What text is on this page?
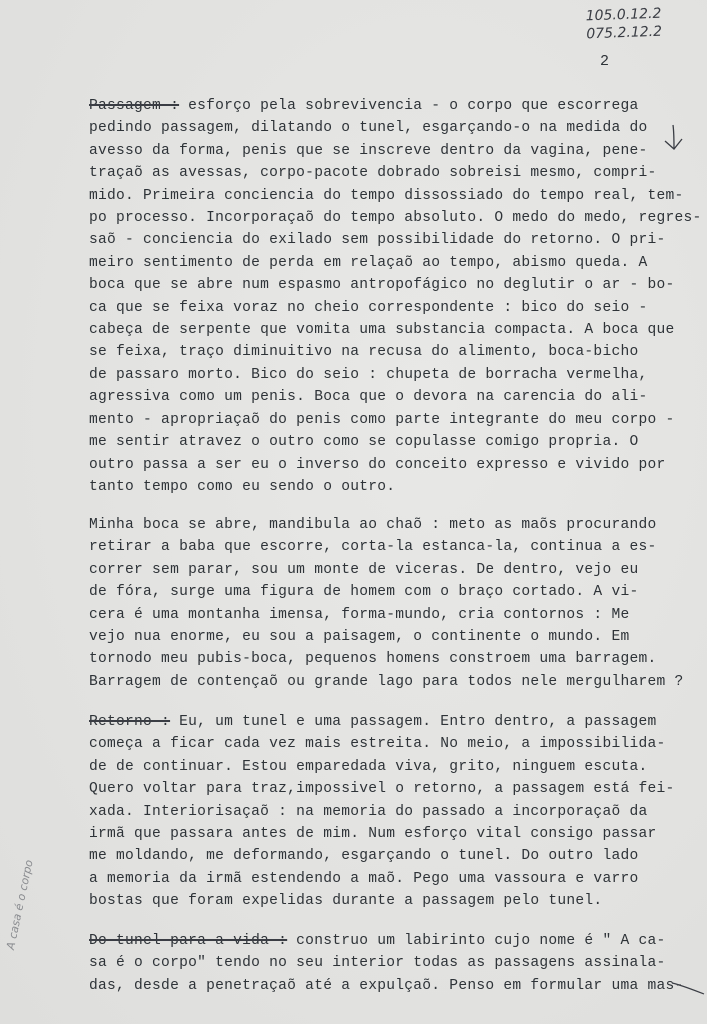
105.0.12.2
075.2.12.2
2
Passagem : esforço pela sobrevivencia - o corpo que escorrega
pedindo passagem, dilatando o tunel, esgarçando-o na medida do
avesso da forma, penis que se inscreve dentro da vagina, pene-
traçaõ as avessas, corpo-pacote dobrado sobreisi mesmo, compri-
mido. Primeira conciencia do tempo dissossiado do tempo real, tem-
po processo. Incorporaçaõ do tempo absoluto. O medo do medo, regres-
saõ - conciencia do exilado sem possibilidade do retorno. O pri-
meiro sentimento de perda em relaçaõ ao tempo, abismo queda. A
boca que se abre num espasmo antropofágico no deglutir o ar - bo-
ca que se feixa voraz no cheio correspondente : bico do seio -
cabeça de serpente que vomita uma substancia compacta. A boca que
se feixa, traço diminuitivo na recusa do alimento, boca-bicho
de passaro morto. Bico do seio : chupeta de borracha vermelha,
agressiva como um penis. Boca que o devora na carencia do ali-
mento - apropriaçaõ do penis como parte integrante do meu corpo -
me sentir atravez o outro como se copulasse comigo propria. O
outro passa a ser eu o inverso do conceito expresso e vivido por
tanto tempo como eu sendo o outro.
Minha boca se abre, mandibula ao chaõ : meto as maõs procurando
retirar a baba que escorre, corta-la estanca-la, continua a es-
correr sem parar, sou um monte de viceras. De dentro, vejo eu
de fóra, surge uma figura de homem com o braço cortado. A vi-
cera é uma montanha imensa, forma-mundo, cria contornos : Me
vejo nua enorme, eu sou a paisagem, o continente o mundo. Em
tornodo meu pubis-boca, pequenos homens constroem uma barragem.
Barragem de contençaõ ou grande lago para todos nele mergulharem ?
Retorno : Eu, um tunel e uma passagem. Entro dentro, a passagem
começa a ficar cada vez mais estreita. No meio, a impossibilida-
de de continuar. Estou emparedada viva, grito, ninguem escuta.
Quero voltar para traz,impossivel o retorno, a passagem está fei-
xada. Interiorisaçaõ : na memoria do passado a incorporaçaõ da
irmã que passara antes de mim. Num esforço vital consigo passar
me moldando, me deformando, esgarçando o tunel. Do outro lado
a memoria da irmã estendendo a maõ. Pego uma vassoura e varro
bostas que foram expelidas durante a passagem pelo tunel.
Do tunel para a vida : construo um labirinto cujo nome é " A ca-
sa é o corpo" tendo no seu interior todas as passagens assinala-
das, desde a penetraçaõ até a expulçaõ. Penso em formular uma mas-
A casa é o corpo
